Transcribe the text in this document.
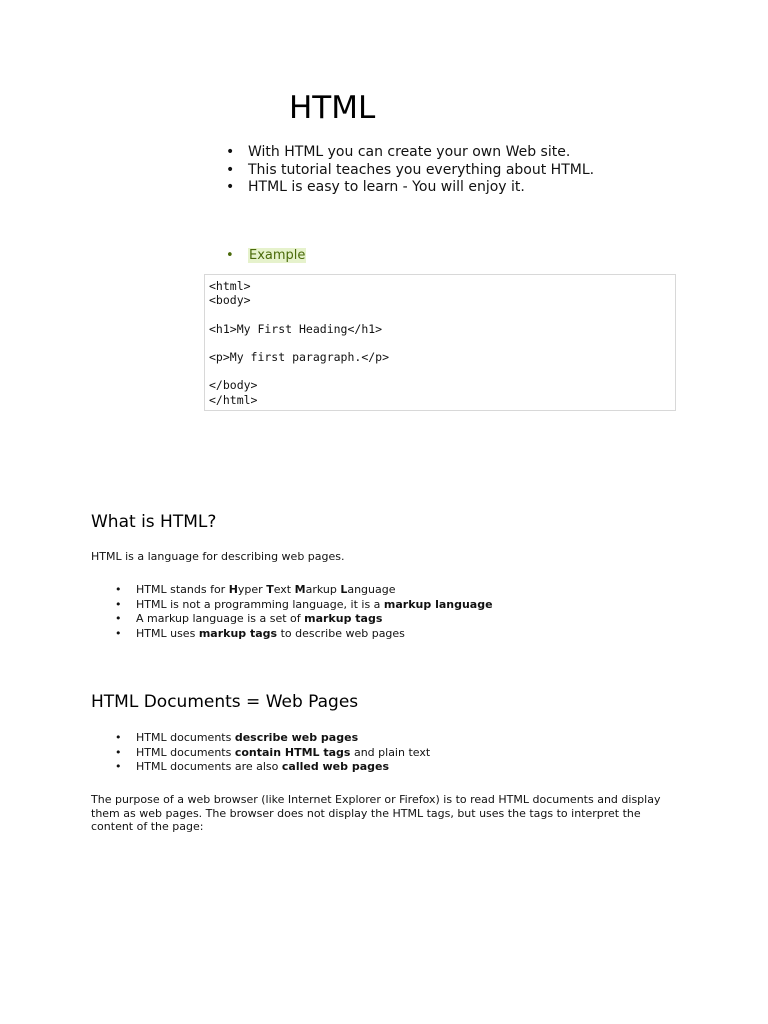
HTML
• With HTML you can create your own Web site.
• This tutorial teaches you everything about HTML.
• HTML is easy to learn - You will enjoy it.
• Example
<html>
<body>

<h1>My First Heading</h1>

<p>My first paragraph.</p>

</body>
</html>
What is HTML?

HTML is a language for describing web pages.

• HTML stands for Hyper Text Markup Language
• HTML is not a programming language, it is a markup language
• A markup language is a set of markup tags
• HTML uses markup tags to describe web pages
HTML Documents = Web Pages
• HTML documents describe web pages
• HTML documents contain HTML tags and plain text
• HTML documents are also called web pages

The purpose of a web browser (like Internet Explorer or Firefox) is to read HTML documents and display them as web pages. The browser does not display the HTML tags, but uses the tags to interpret the content of the page:
